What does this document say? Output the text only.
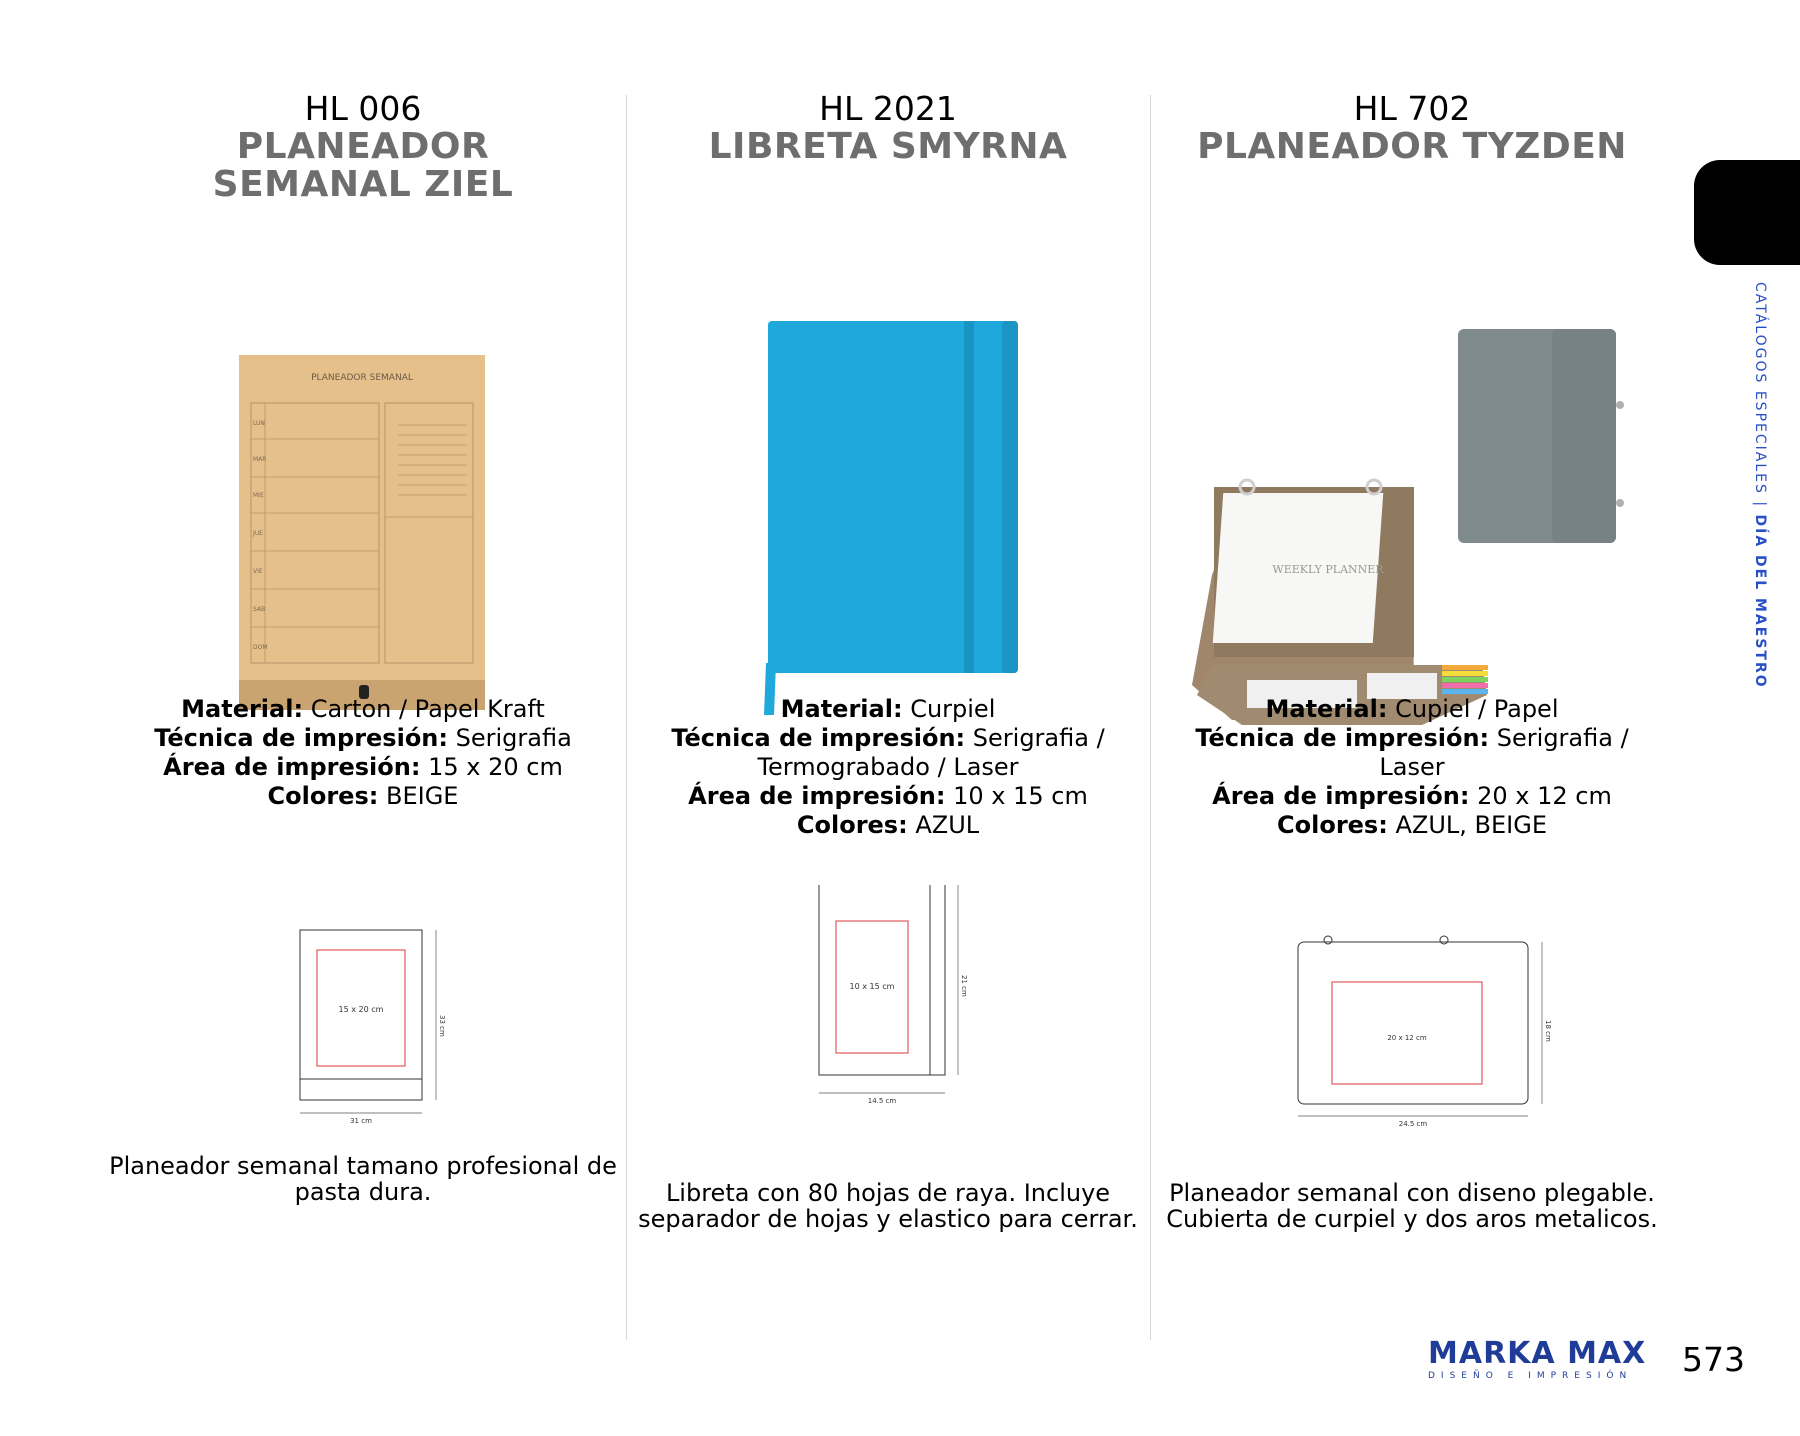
HL 006
PLANEADOR SEMANAL ZIEL
PLANEADOR SEMANAL
LUN
MAR
MIE
JUE
VIE
SAB
DOM

Material: Carton / Papel Kraft

Técnica de impresión: Serigrafia

Área de impresión: 15 x 20 cm

Colores: BEIGE

15 x 20 cm
33 cm
31 cm
Planeador semanal tamano profesional de pasta dura.
HL 2021
LIBRETA SMYRNA

Material: Curpiel

Técnica de impresión: Serigrafia / Termograbado / Laser

Área de impresión: 10 x 15 cm

Colores: AZUL

10 x 15 cm	21 cm
14.5 cm
Libreta con 80 hojas de raya. Incluye separador de hojas y elastico para cerrar.
HL 702
PLANEADOR TYZDEN
WEEKLY PLANNER

Material: Cupiel / Papel

Técnica de impresión: Serigrafia / Laser

Área de impresión: 20 x 12 cm

Colores: AZUL, BEIGE

20 x 12 cm	18 cm
24.5 cm
Planeador semanal con diseno plegable. Cubierta de curpiel y dos aros metalicos.
CATÁLOGOS ESPECIALES | DÍA DEL MAESTRO
MARKA MAX
DISEÑO E IMPRESIÓN	573
